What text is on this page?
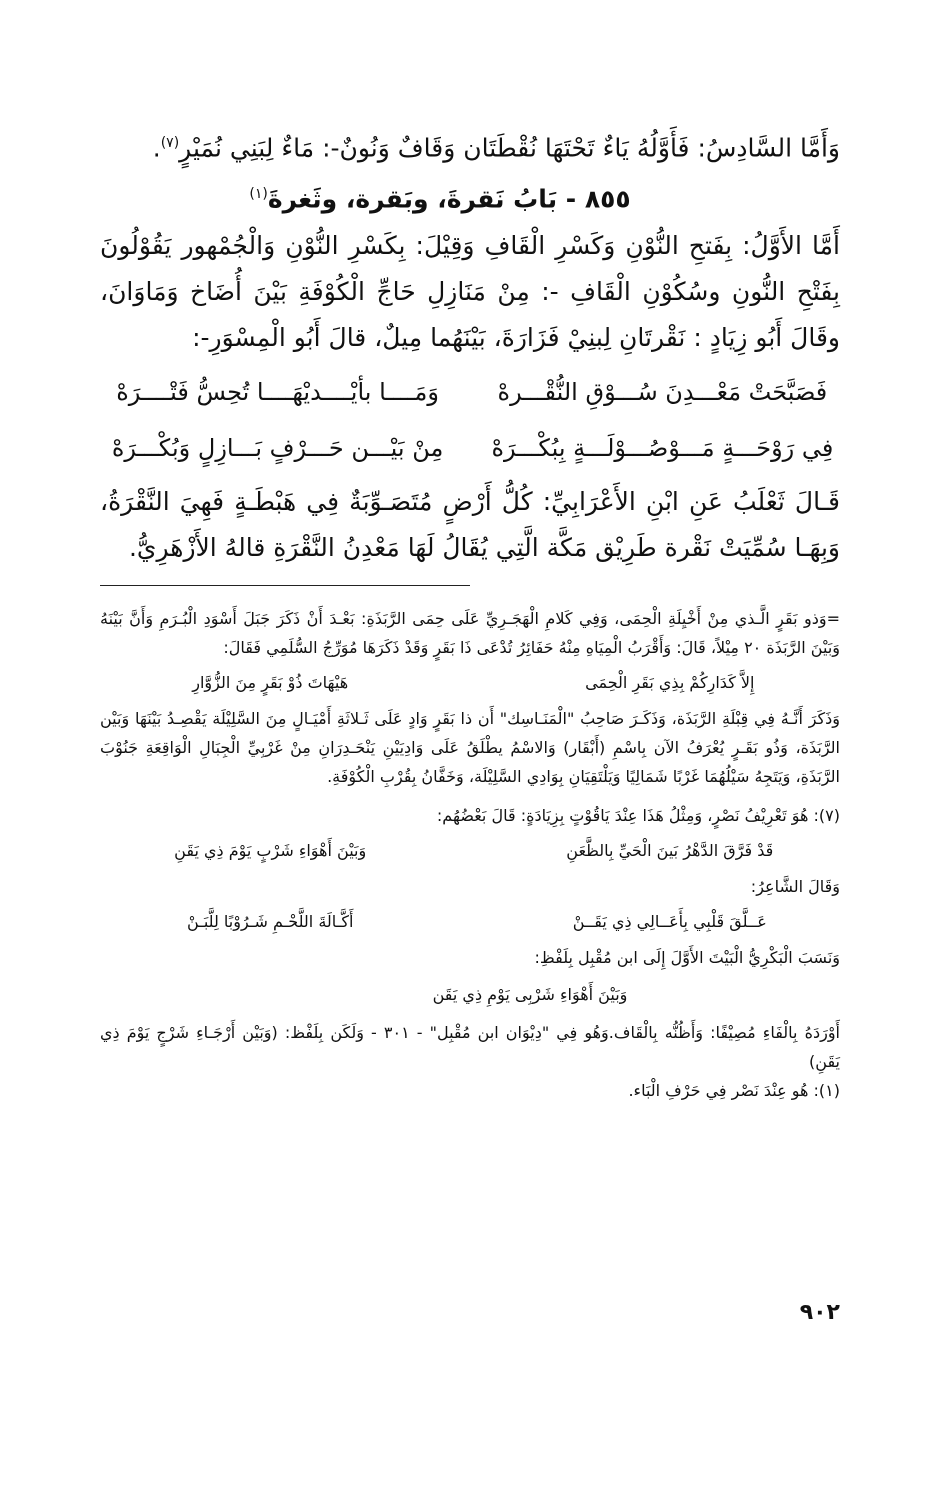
وَأَمَّا السَّادِسُ: فَأَوَّلُهُ يَاءٌ تَحْتَهَا نُقْطَتَان وَقَافٌ وَنُونٌ-: مَاءٌ لِبَنِي نُمَيْرٍ$^{(٧)}$.

٨٥٥ - بَابُ نَقرةَ، وبَقرة، وثَغرةَ$^{(١)}$

أَمَّا الأَوَّلُ: بِفَتحِ النُّوْنِ وَكَسْرِ الْقَافِ وَقِيْلَ: بِكَسْرِ النُّوْنِ وَالْجُمْهور يَقُوْلُونَ بِفَتْحِ النُّونِ وسُكُوْنِ الْقَافِ -: مِنْ مَنَازِلِ حَاجِّ الْكُوْفَةِ بَيْنَ أُضَاخ وَمَاوَانَ، وقَالَ أَبُو زِيَادٍ : نَقْرتَانِ لِبنِيْ فَزَارَةَ، بَيْنَهُما مِيلٌ، قالَ أَبُو الْمِسْوَرِ-:

فَصَبَّحَتْ مَعْـــدِنَ سُـــوْقِ النُّقْـــرهْ
وَمَــــا بأيْــــديْهَــــا تُحِسُّ فَتْــــرَهْ
فِي رَوْحَـــةٍ مَـــوْصُـــوْلَـــةٍ بِبُكْـــرَهْ
مِنْ بَيْـــن حَـــرْفٍ بَـــازِلٍ وَبُكْـــرَهْ

قَـالَ ثَعْلَبُ عَنِ ابْنِ الأَعْرَابِيِّ: كُلُّ أَرْضٍ مُتَصَـوِّبَةٌ فِي هَبْطَـةٍ فَهِيَ النَّقْرَةُ، وَبِهَـا سُمِّيَتْ نَقْرة طَرِيْق مَكَّة الَّتِي يُقَالُ لَهَا مَعْدِنُ النَّقْرَةِ قالهُ الأَزْهَرِيُّ.

=وَذو بَقَرٍ الَّـذي مِنْ أَخْيِلَةِ الْحِمَى، وَفِي كَلامِ الْهَجَـرِيِّ عَلَى حِمَى الرَّبَذَةِ: بَعْـدَ أَنْ ذَكَرَ جَبَلَ أَسْوَدِ الْبُـرَمِ وَأَنَّ بَيْنَهُ وَبَيْنَ الرَّبَذَة ٢٠ مِيْلاً، قَالَ: وَأَقْرَبُ الْمِيَاهِ مِنْهُ حَفَائِرُ تُدْعَى ذَا بَقَرٍ وَقَدْ ذَكَرَهَا مُوَرِّجُ السُّلَمِي فَقَالَ:

إِلاَّ كَدَارِكُمْ بِذِي بَقَرِ الْحِمَى
هَيْهَاتَ ذُوْ بَقَرٍ مِنَ الزُّوَّارِ

وَذَكَرَ أَنَّـهُ فِي قِبْلَةِ الرَّبَذَة، وَذَكَـرَ صَاحِبُ "الْمَنَـاسِك" أَن ذا بَقَرٍ وَادٍ عَلَى ثَـلاثَةِ أَمْيَـالٍ مِنَ السَّلِيْلَة يَقْصِـدُ بَيْنَهَا وَبَيْن الرَّبَذَة، وَذُو بَقَـرٍ يُعْرَفُ الآن بِاسْمِ (أَبْقَار) وَالاسْمُ يطْلَقُ عَلَى وَادِيَيْنِ يَنْحَـدِرَانِ مِنْ غَرْبِيِّ الْجِبَالِ الْوَاقِعَةِ جَنُوْبَ الرَّبَذَةِ، وَيَتَجِهُ سَيْلُهُمَا غَرْبًا شَمَالِيًا وَيَلْتَقِيَانِ بِوَادِي السَّلِيْلَة، وَخَفَّانُ بِقُرْبِ الْكُوْفَةِ.

(٧): هُوَ تَعْرِيْفُ نَصْرٍ، وَمِثْلُ هَذَا عِنْدَ يَاقُوْتٍ بِزِيَادَةٍ: قَالَ بَعْضُهُم:

قَدْ فَرَّقَ الدَّهْرُ بَينَ الْحَيِّ بِالظَّعَنِ
وَبَيْنَ أَهْوَاءِ شَرْبٍ يَوْمَ ذِي يَقَنِ

وَقَالَ الشَّاعِرُ:

عَــلَّقَ قَلْبِي بِأَعَــالِي ذِي يَقَــنْ
أَكَّـالَةَ اللَّحْـمِ شَـرُوْبًا لِلَّبَـنْ

وَنَسَبَ الْبَكْرِيُّ الْبَيْتَ الأَوَّلَ إِلَى ابن مُقْبِل بِلَفْظِ:

وَبَيْنَ أَهْوَاءِ شَرْبِى يَوْمِ ذِي يَقَن

أَوْرَدَهُ بِالْفَاءِ مُصِيْفًا: وَأَظُنُّه بِالْقَاف.وَهُو فِي "دِيْوَان ابن مُقْبِل" - ٣٠١ - وَلَكَن بِلَفْظ: (وَبَيْن أَرْجَـاءِ شَرْجٍ يَوْمَ ذِي يَقَنِ)

(١): هُو عِنْدَ نَصْر فِي حَرْفِ الْبَاء.

٩٠٢
